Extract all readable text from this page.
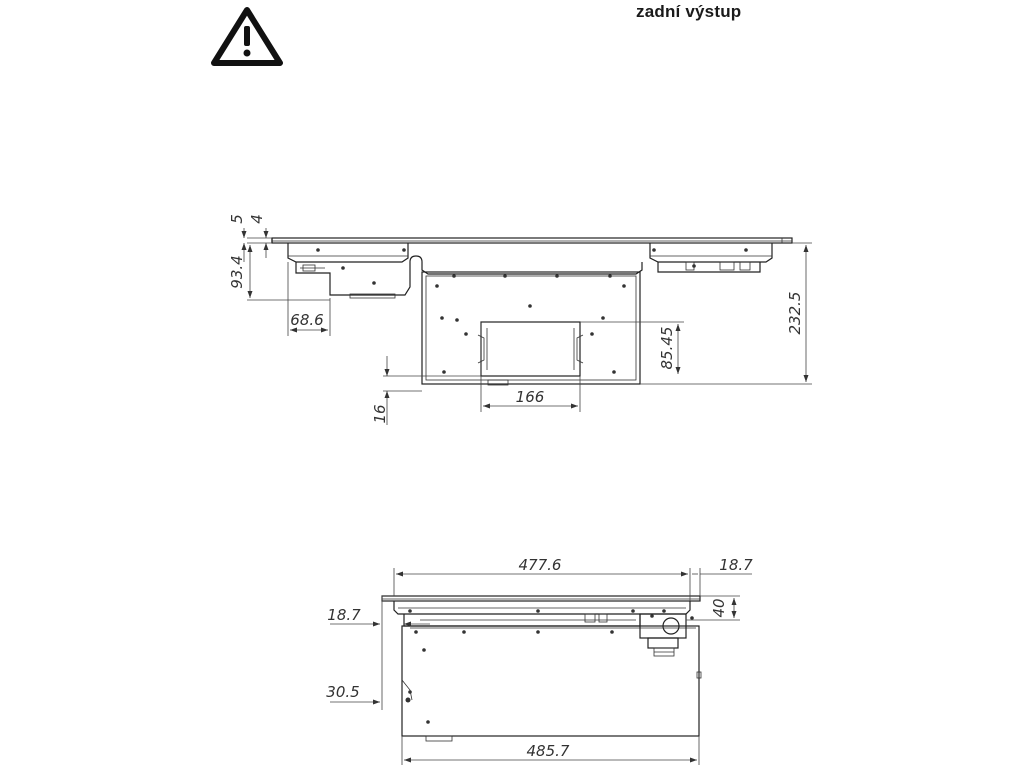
zadní výstup
5 4
93.4
68.6	232.5
85.45
16
166
477.6	18.7
40
18.7
30.5
485.7
